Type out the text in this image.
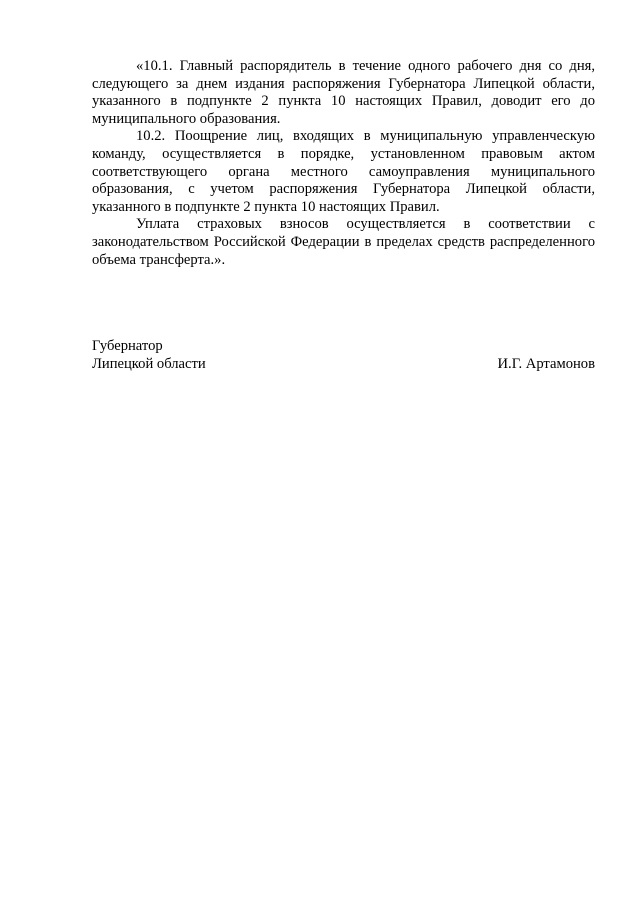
«10.1. Главный распорядитель в течение одного рабочего дня со дня, следующего за днем издания распоряжения Губернатора Липецкой области, указанного в подпункте 2 пункта 10 настоящих Правил, доводит его до муниципального образования.

10.2. Поощрение лиц, входящих в муниципальную управленческую команду, осуществляется в порядке, установленном правовым актом соответствующего органа местного самоуправления муниципального образования, с учетом распоряжения Губернатора Липецкой области, указанного в подпункте 2 пункта 10 настоящих Правил.

Уплата страховых взносов осуществляется в соответствии с законодательством Российской Федерации в пределах средств распределенного объема трансферта.».

Губернатор
Липецкой области	И.Г. Артамонов
